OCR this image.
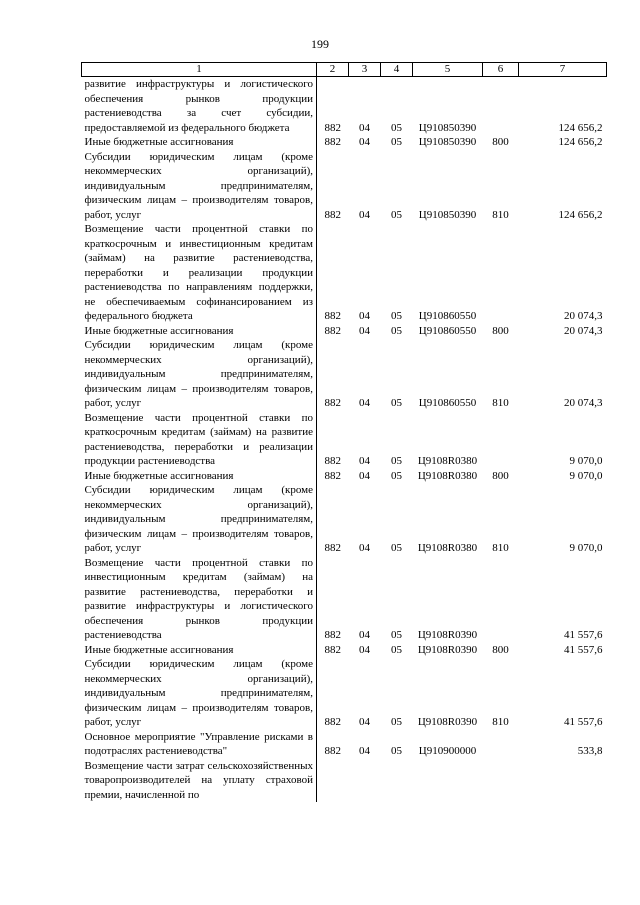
199
1	2	3	4	5	6	7
развитие инфраструктуры и логистического обеспечения рынков продукции растениеводства за счет субсидии, предоставляемой из федерального бюджета	882	04	05	Ц910850390		124 656,2
Иные бюджетные ассигнования	882	04	05	Ц910850390	800	124 656,2
Субсидии юридическим лицам (кроме некоммерческих организаций), индивидуальным предпринимателям, физическим лицам – производителям товаров, работ, услуг	882	04	05	Ц910850390	810	124 656,2
Возмещение части процентной ставки по краткосрочным и инвестиционным кредитам (займам) на развитие растениеводства, переработки и реализации продукции растениеводства по направлениям поддержки, не обеспечиваемым софинансированием из федерального бюджета	882	04	05	Ц910860550		20 074,3
Иные бюджетные ассигнования	882	04	05	Ц910860550	800	20 074,3
Субсидии юридическим лицам (кроме некоммерческих организаций), индивидуальным предпринимателям, физическим лицам – производителям товаров, работ, услуг	882	04	05	Ц910860550	810	20 074,3
Возмещение части процентной ставки по краткосрочным кредитам (займам) на развитие растениеводства, переработки и реализации продукции растениеводства	882	04	05	Ц9108R0380		9 070,0
Иные бюджетные ассигнования	882	04	05	Ц9108R0380	800	9 070,0
Субсидии юридическим лицам (кроме некоммерческих организаций), индивидуальным предпринимателям, физическим лицам – производителям товаров, работ, услуг	882	04	05	Ц9108R0380	810	9 070,0
Возмещение части процентной ставки по инвестиционным кредитам (займам) на развитие растениеводства, переработки и развитие инфраструктуры и логистического обеспечения рынков продукции растениеводства	882	04	05	Ц9108R0390		41 557,6
Иные бюджетные ассигнования	882	04	05	Ц9108R0390	800	41 557,6
Субсидии юридическим лицам (кроме некоммерческих организаций), индивидуальным предпринимателям, физическим лицам – производителям товаров, работ, услуг	882	04	05	Ц9108R0390	810	41 557,6
Основное мероприятие "Управление рисками в подотраслях растениеводства"	882	04	05	Ц910900000		533,8
Возмещение части затрат сельскохозяйственных товаропроизводителей на уплату страховой премии, начисленной по						
